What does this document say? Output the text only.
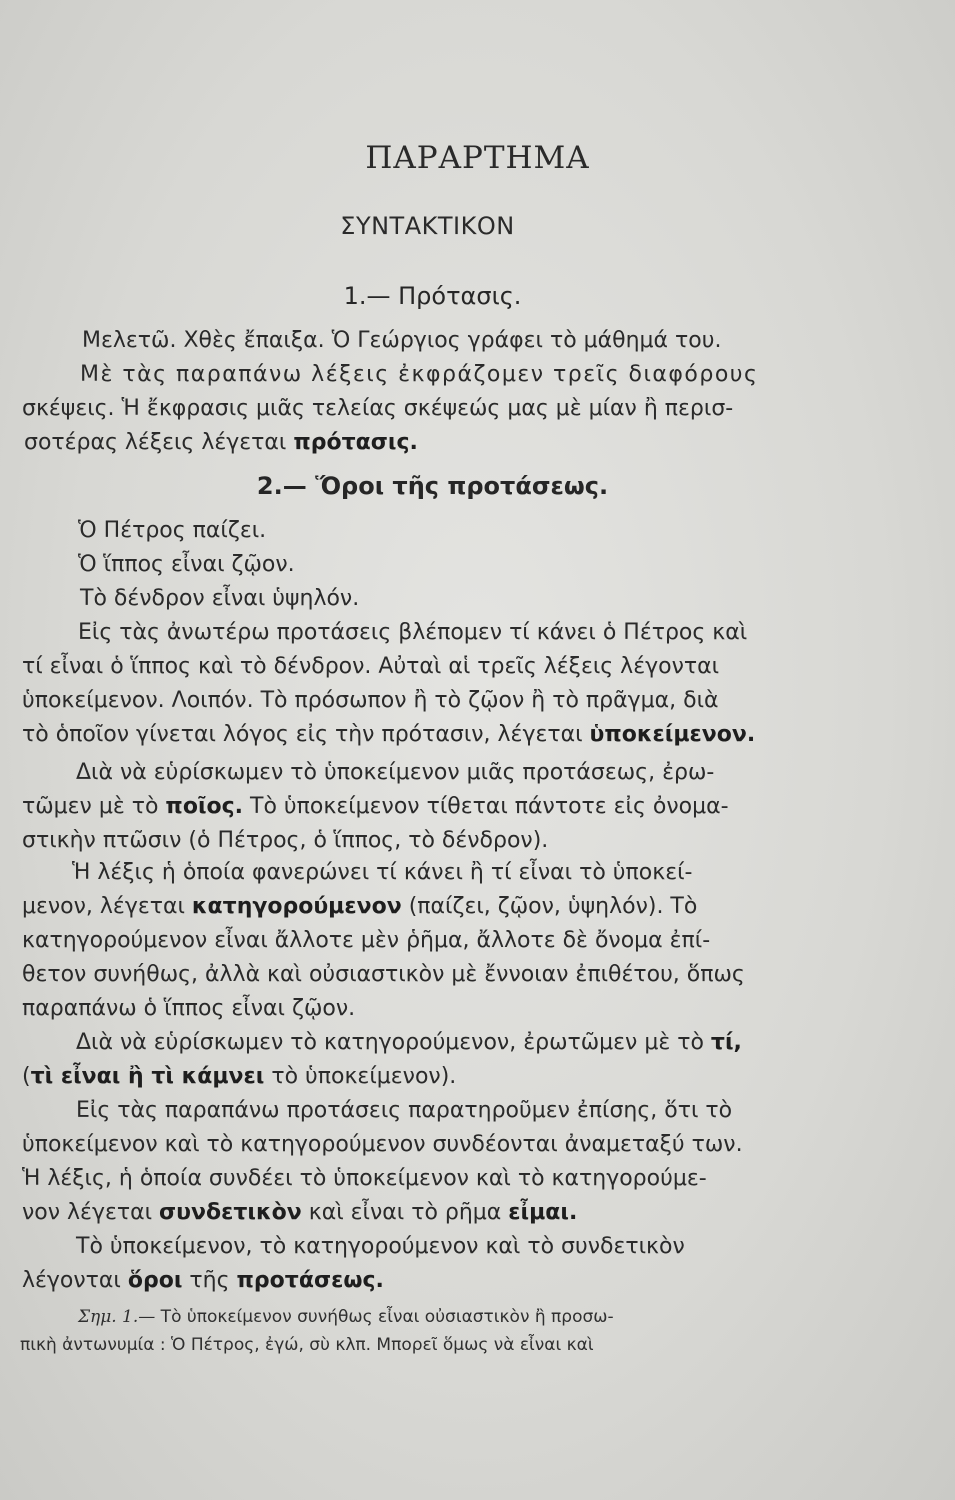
ΠΑΡΑΡΤΗΜΑ
ΣΥΝΤΑΚΤΙΚΟΝ
1.— Πρότασις.
Μελετῶ. Χθὲς ἔπαιξα. Ὁ Γεώργιος γράφει τὸ μάθημά του.
Μὲ τὰς παραπάνω λέξεις ἐκφράζομεν τρεῖς διαφόρους
σκέψεις. Ἡ ἔκφρασις μιᾶς τελείας σκέψεώς μας μὲ μίαν ἢ περισ-
σοτέρας λέξεις λέγεται πρότασις.
2.— Ὅροι τῆς προτάσεως.
Ὁ Πέτρος παίζει.
Ὁ ἵππος εἶναι ζῷον.
Τὸ δένδρον εἶναι ὑψηλόν.
Εἰς τὰς ἀνωτέρω προτάσεις βλέπομεν τί κάνει ὁ Πέτρος καὶ
τί εἶναι ὁ ἵππος καὶ τὸ δένδρον. Αὐταὶ αἱ τρεῖς λέξεις λέγονται
ὑποκείμενον. Λοιπόν. Τὸ πρόσωπον ἢ τὸ ζῷον ἢ τὸ πρᾶγμα, διὰ
τὸ ὁποῖον γίνεται λόγος εἰς τὴν πρότασιν, λέγεται ὑποκείμενον.
Διὰ νὰ εὑρίσκωμεν τὸ ὑποκείμενον μιᾶς προτάσεως, ἐρω-
τῶμεν μὲ τὸ ποῖος. Τὸ ὑποκείμενον τίθεται πάντοτε εἰς ὀνομα-
στικὴν πτῶσιν (ὁ Πέτρος, ὁ ἵππος, τὸ δένδρον).
Ἡ λέξις ἡ ὁποία φανερώνει τί κάνει ἢ τί εἶναι τὸ ὑποκεί-
μενον, λέγεται κατηγορούμενον (παίζει, ζῷον, ὑψηλόν). Τὸ
κατηγορούμενον εἶναι ἄλλοτε μὲν ῥῆμα, ἄλλοτε δὲ ὄνομα ἐπί-
θετον συνήθως, ἀλλὰ καὶ οὐσιαστικὸν μὲ ἔννοιαν ἐπιθέτου, ὅπως
παραπάνω ὁ ἵππος εἶναι ζῷον.
Διὰ νὰ εὑρίσκωμεν τὸ κατηγορούμενον, ἐρωτῶμεν μὲ τὸ τί,
(τὶ εἶναι ἢ τὶ κάμνει τὸ ὑποκείμενον).
Εἰς τὰς παραπάνω προτάσεις παρατηροῦμεν ἐπίσης, ὅτι τὸ
ὑποκείμενον καὶ τὸ κατηγορούμενον συνδέονται ἀναμεταξύ των.
Ἡ λέξις, ἡ ὁποία συνδέει τὸ ὑποκείμενον καὶ τὸ κατηγορούμε-
νον λέγεται συνδετικὸν καὶ εἶναι τὸ ρῆμα εἶμαι.
Τὸ ὑποκείμενον, τὸ κατηγορούμενον καὶ τὸ συνδετικὸν
λέγονται ὅροι τῆς προτάσεως.
Σημ. 1.— Τὸ ὑποκείμενον συνήθως εἶναι οὐσιαστικὸν ἢ προσω-
πικὴ ἀντωνυμία : Ὁ Πέτρος, ἐγώ, σὺ κλπ. Μπορεῖ ὅμως νὰ εἶναι καὶ
